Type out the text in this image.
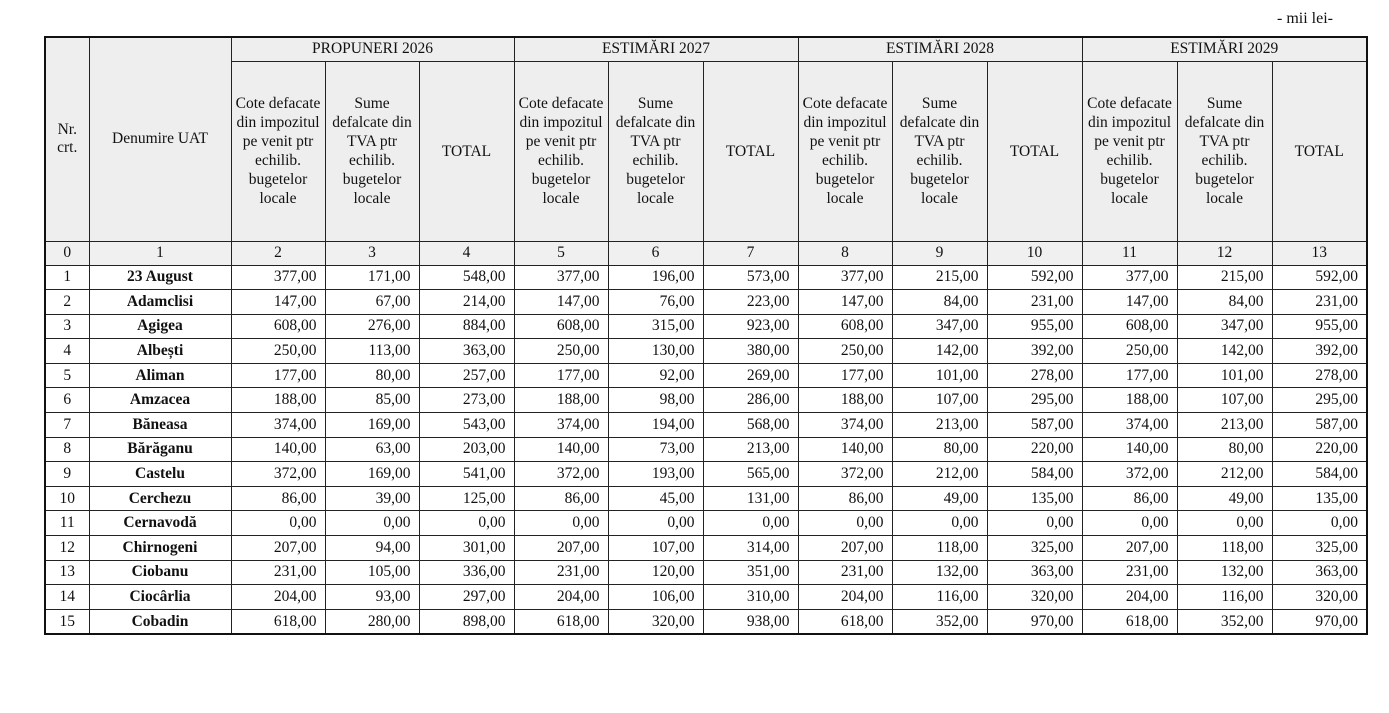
- mii lei-
Nr. crt.	Denumire UAT	PROPUNERI 2026			ESTIMĂRI 2027			ESTIMĂRI 2028			ESTIMĂRI 2029		
		Cote defacate din impozitul pe venit ptr echilib. bugetelor locale	Sume defalcate din TVA ptr echilib. bugetelor locale	TOTAL	Cote defacate din impozitul pe venit ptr echilib. bugetelor locale	Sume defalcate din TVA ptr echilib. bugetelor locale	TOTAL	Cote defacate din impozitul pe venit ptr echilib. bugetelor locale	Sume defalcate din TVA ptr echilib. bugetelor locale	TOTAL	Cote defacate din impozitul pe venit ptr echilib. bugetelor locale	Sume defalcate din TVA ptr echilib. bugetelor locale	TOTAL
0	1	2	3	4	5	6	7	8	9	10	11	12	13
1	23 August	377,00	171,00	548,00	377,00	196,00	573,00	377,00	215,00	592,00	377,00	215,00	592,00
2	Adamclisi	147,00	67,00	214,00	147,00	76,00	223,00	147,00	84,00	231,00	147,00	84,00	231,00
3	Agigea	608,00	276,00	884,00	608,00	315,00	923,00	608,00	347,00	955,00	608,00	347,00	955,00
4	Albești	250,00	113,00	363,00	250,00	130,00	380,00	250,00	142,00	392,00	250,00	142,00	392,00
5	Aliman	177,00	80,00	257,00	177,00	92,00	269,00	177,00	101,00	278,00	177,00	101,00	278,00
6	Amzacea	188,00	85,00	273,00	188,00	98,00	286,00	188,00	107,00	295,00	188,00	107,00	295,00
7	Băneasa	374,00	169,00	543,00	374,00	194,00	568,00	374,00	213,00	587,00	374,00	213,00	587,00
8	Bărăganu	140,00	63,00	203,00	140,00	73,00	213,00	140,00	80,00	220,00	140,00	80,00	220,00
9	Castelu	372,00	169,00	541,00	372,00	193,00	565,00	372,00	212,00	584,00	372,00	212,00	584,00
10	Cerchezu	86,00	39,00	125,00	86,00	45,00	131,00	86,00	49,00	135,00	86,00	49,00	135,00
11	Cernavodă	0,00	0,00	0,00	0,00	0,00	0,00	0,00	0,00	0,00	0,00	0,00	0,00
12	Chirnogeni	207,00	94,00	301,00	207,00	107,00	314,00	207,00	118,00	325,00	207,00	118,00	325,00
13	Ciobanu	231,00	105,00	336,00	231,00	120,00	351,00	231,00	132,00	363,00	231,00	132,00	363,00
14	Ciocârlia	204,00	93,00	297,00	204,00	106,00	310,00	204,00	116,00	320,00	204,00	116,00	320,00
15	Cobadin	618,00	280,00	898,00	618,00	320,00	938,00	618,00	352,00	970,00	618,00	352,00	970,00
